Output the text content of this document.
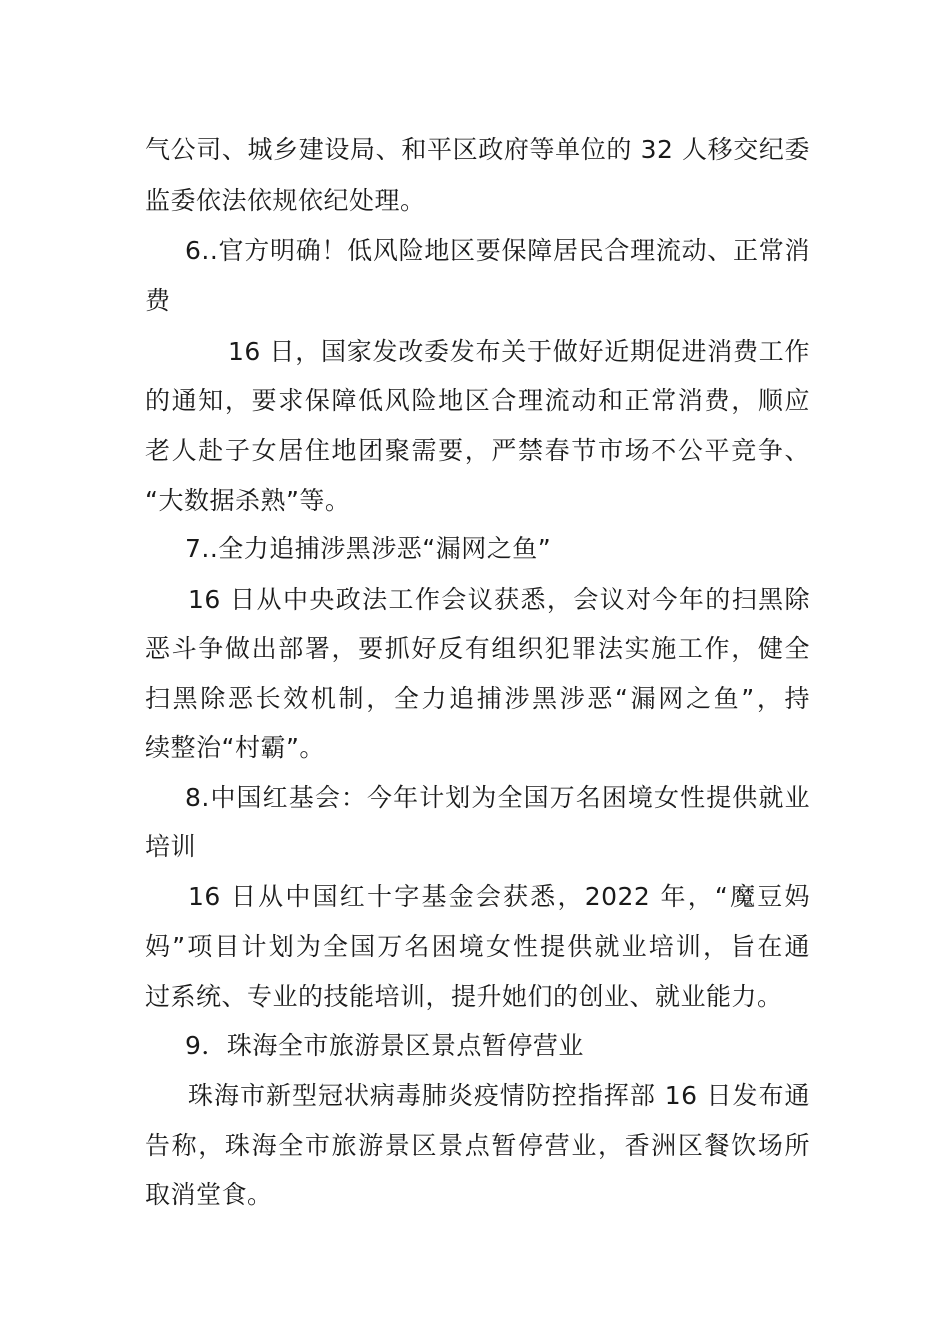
气公司、城乡建设局、和平区政府等单位的 32 人移交纪委
监委依法依规依纪处理。
6..官方明确！低风险地区要保障居民合理流动、正常消
费
16 日，国家发改委发布关于做好近期促进消费工作
的通知，要求保障低风险地区合理流动和正常消费，顺应
老人赴子女居住地团聚需要，严禁春节市场不公平竞争、
“大数据杀熟”等。
7..全力追捕涉黑涉恶“漏网之鱼”
16 日从中央政法工作会议获悉，会议对今年的扫黑除
恶斗争做出部署，要抓好反有组织犯罪法实施工作，健全
扫黑除恶长效机制，全力追捕涉黑涉恶“漏网之鱼”，持
续整治“村霸”。
8.中国红基会：今年计划为全国万名困境女性提供就业
培训
16 日从中国红十字基金会获悉，2022 年，“魔豆妈
妈”项目计划为全国万名困境女性提供就业培训，旨在通
过系统、专业的技能培训，提升她们的创业、就业能力。
9．珠海全市旅游景区景点暂停营业
珠海市新型冠状病毒肺炎疫情防控指挥部 16 日发布通
告称，珠海全市旅游景区景点暂停营业，香洲区餐饮场所
取消堂食。
